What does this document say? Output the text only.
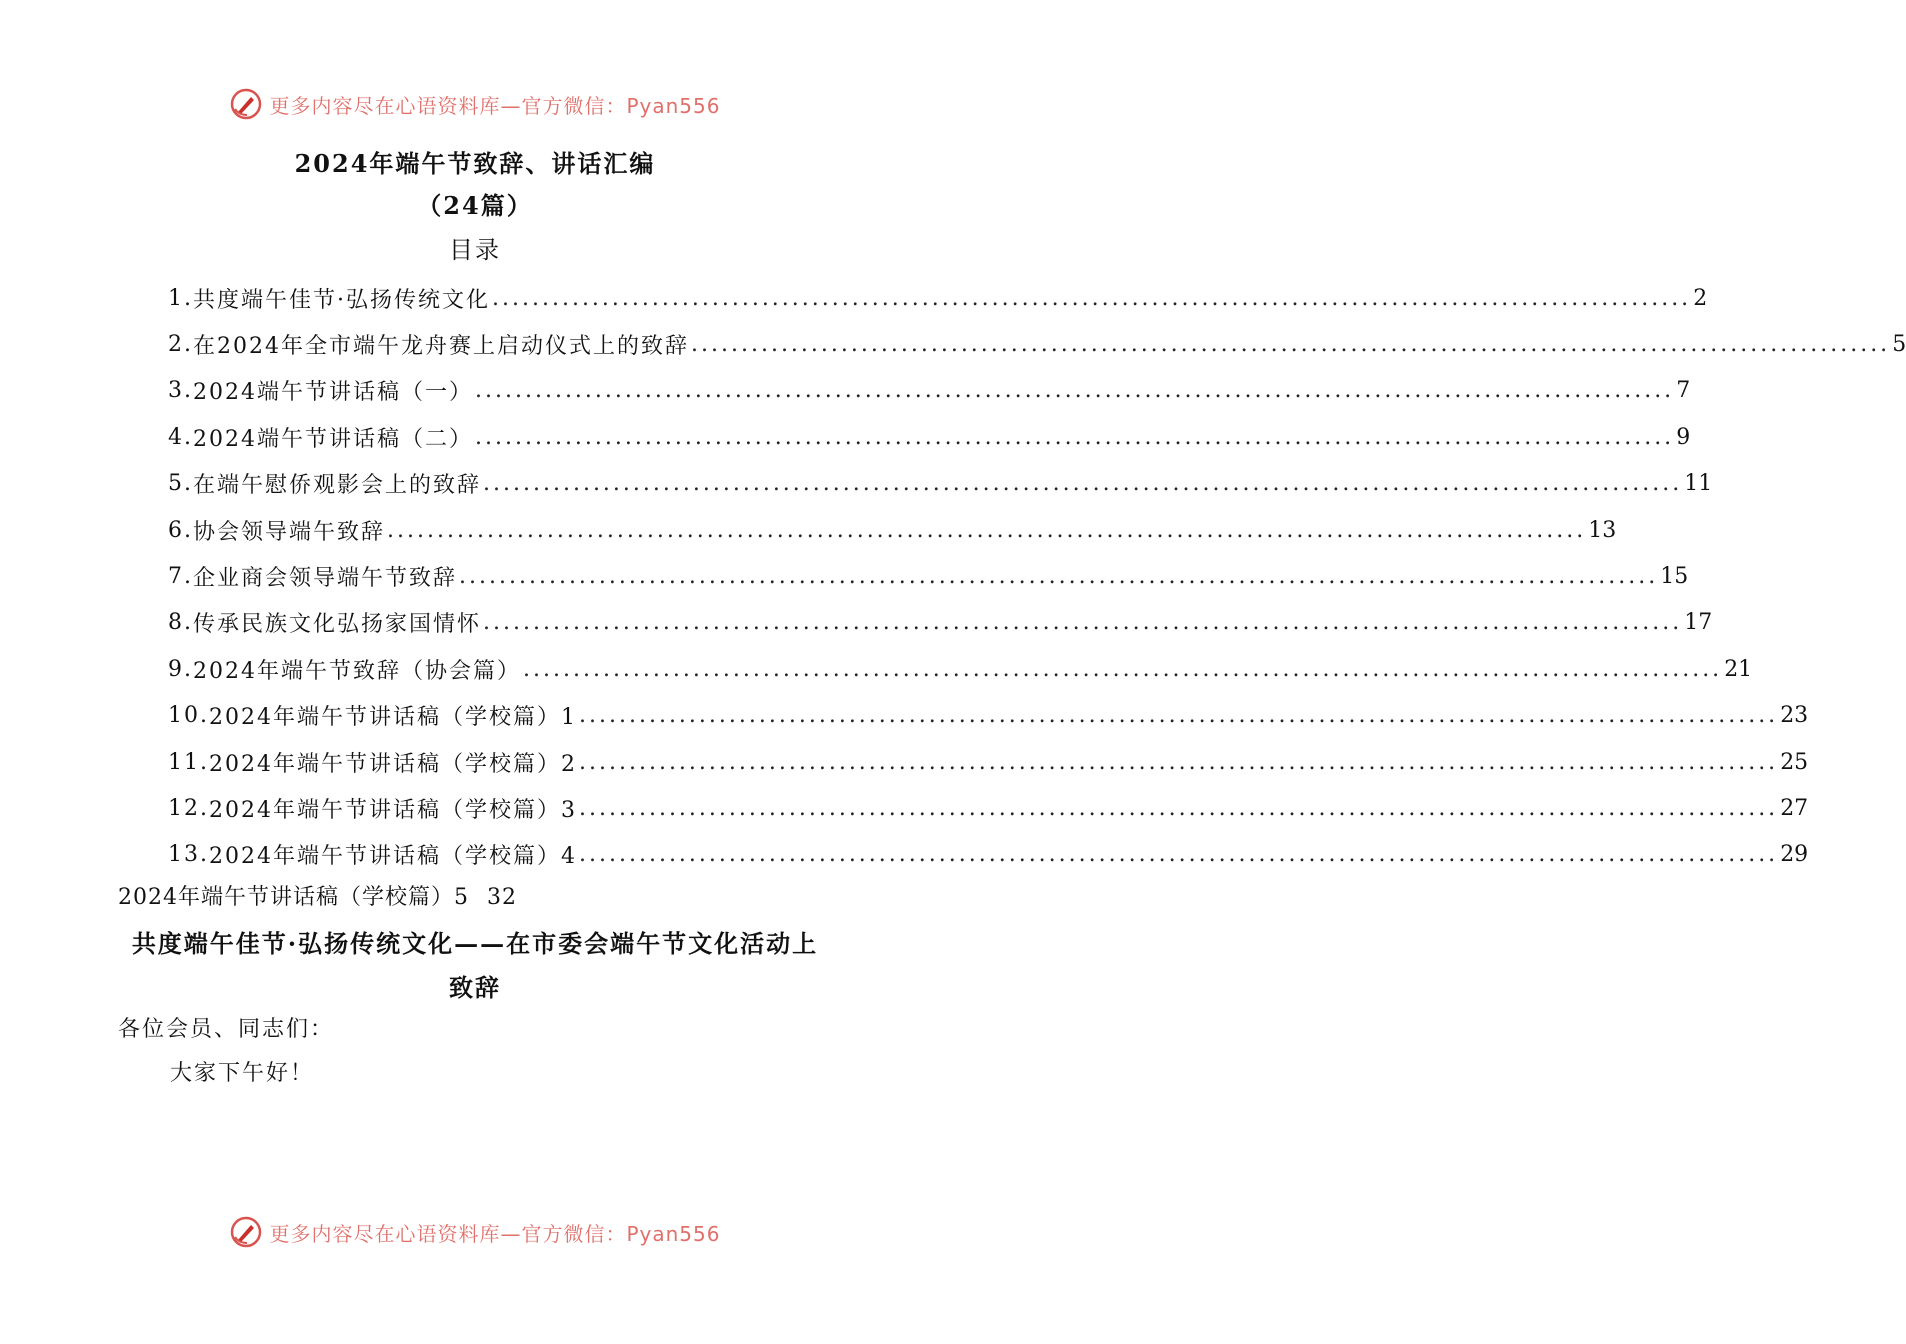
更多内容尽在心语资料库—官方微信：Pyan556
2024年端午节致辞、讲话汇编
（24篇）
目录
1. 共度端午佳节·弘扬传统文化 ........................................................................................................................ 2
2. 在2024年全市端午龙舟赛上启动仪式上的致辞 ........................................................................................................................ 5
3. 2024端午节讲话稿（一） ........................................................................................................................ 7
4. 2024端午节讲话稿（二） ........................................................................................................................ 9
5. 在端午慰侨观影会上的致辞 ........................................................................................................................ 11
6. 协会领导端午致辞 ........................................................................................................................ 13
7. 企业商会领导端午节致辞 ........................................................................................................................ 15
8. 传承民族文化弘扬家国情怀 ........................................................................................................................ 17
9. 2024年端午节致辞（协会篇） ........................................................................................................................ 21
10. 2024年端午节讲话稿（学校篇）1 ........................................................................................................................ 23
11. 2024年端午节讲话稿（学校篇）2 ........................................................................................................................ 25
12. 2024年端午节讲话稿（学校篇）3 ........................................................................................................................ 27
13. 2024年端午节讲话稿（学校篇）4 ........................................................................................................................ 29
2024年端午节讲话稿（学校篇）5 32
共度端午佳节·弘扬传统文化——在市委会端午节文化活动上
致辞
各位会员、同志们：
大家下午好！
更多内容尽在心语资料库—官方微信：Pyan556
